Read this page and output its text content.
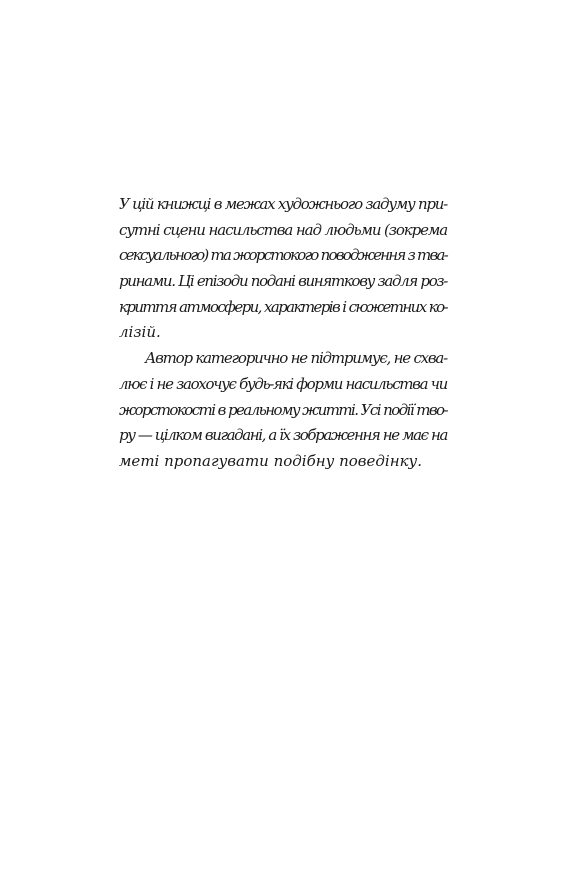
У цій книжці в межах художнього задуму при-
сутні сцени насильства над людьми (зокрема
сексуального) та жорстокого поводження з тва-
ринами. Ці епізоди подані виняткову задля роз-
криття атмосфери, характерів і сюжетних ко-
лізій.
Автор категорично не підтримує, не схва-
лює і не заохочує будь-які форми насильства чи
жорстокості в реальному житті. Усі події тво-
ру — цілком вигадані, а їх зображення не має на
меті пропагувати подібну поведінку.
